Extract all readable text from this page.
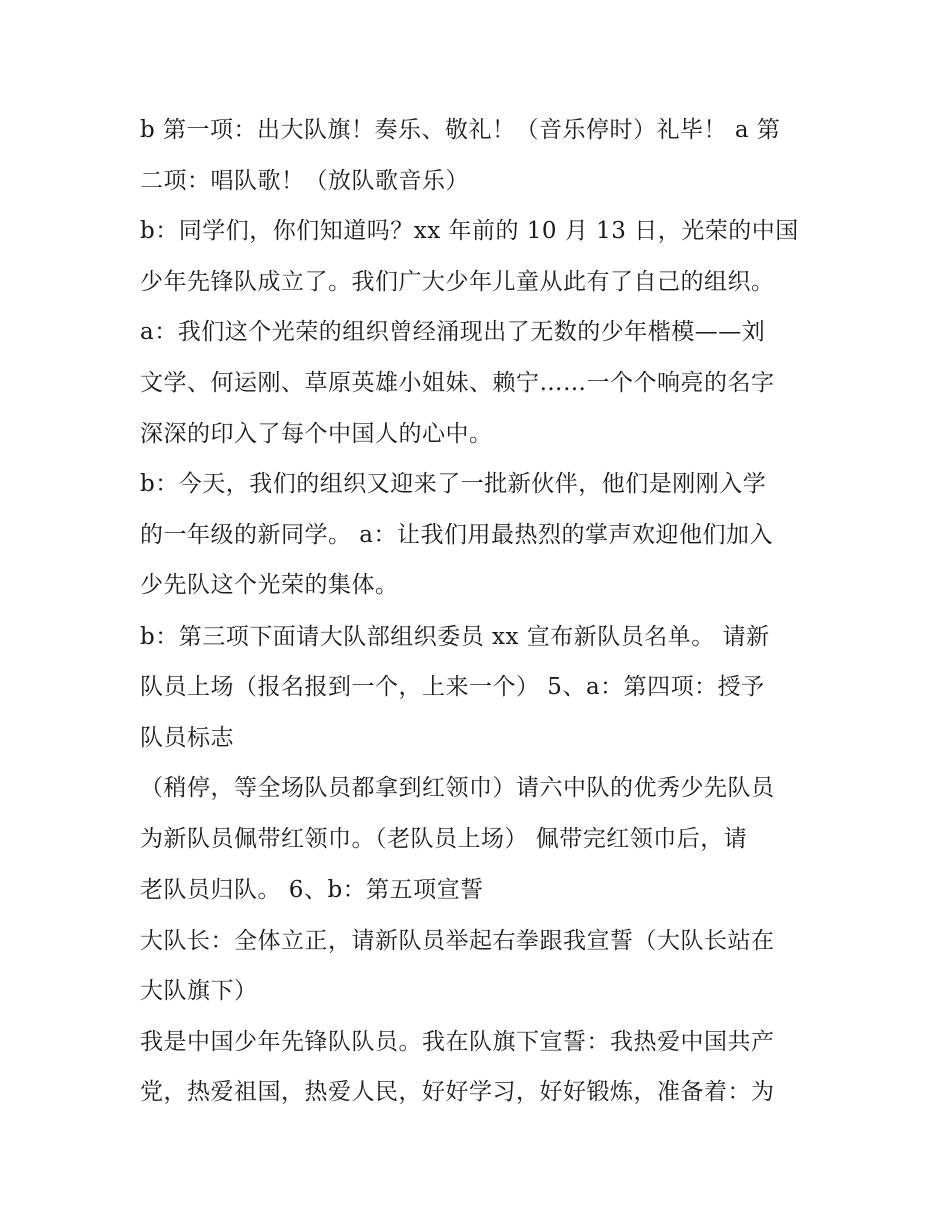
b 第一项：出大队旗！奏乐、敬礼！（音乐停时）礼毕！ a 第
二项：唱队歌！（放队歌音乐）
b：同学们，你们知道吗？xx 年前的 10 月 13 日，光荣的中国
少年先锋队成立了。我们广大少年儿童从此有了自己的组织。
a：我们这个光荣的组织曾经涌现出了无数的少年楷模——刘
文学、何运刚、草原英雄小姐妹、赖宁……一个个响亮的名字
深深的印入了每个中国人的心中。
b：今天，我们的组织又迎来了一批新伙伴，他们是刚刚入学
的一年级的新同学。 a：让我们用最热烈的掌声欢迎他们加入
少先队这个光荣的集体。
b：第三项下面请大队部组织委员 xx 宣布新队员名单。 请新
队员上场（报名报到一个，上来一个） 5、a：第四项：授予
队员标志
（稍停，等全场队员都拿到红领巾）请六中队的优秀少先队员
为新队员佩带红领巾。（老队员上场） 佩带完红领巾后，请
老队员归队。 6、b：第五项宣誓
大队长：全体立正，请新队员举起右拳跟我宣誓（大队长站在
大队旗下）
我是中国少年先锋队队员。我在队旗下宣誓：我热爱中国共产
党，热爱祖国，热爱人民，好好学习，好好锻炼，准备着：为
